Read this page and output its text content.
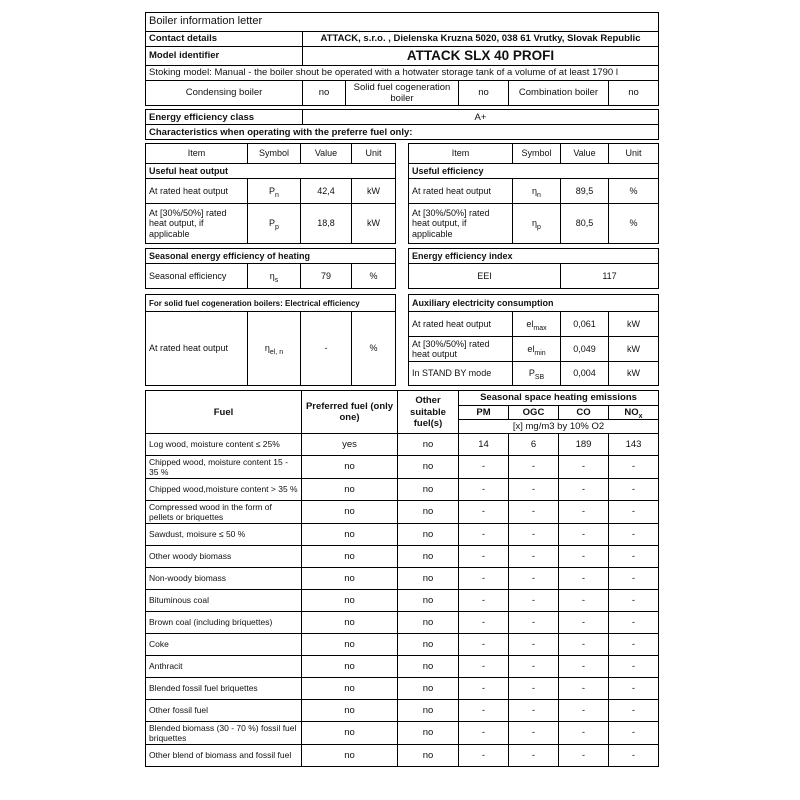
Boiler information letter					
Contact details	ATTACK, s.r.o. , Dielenska Kruzna 5020, 038 61 Vrutky, Slovak Republic				
Model identifier	ATTACK SLX 40 PROFI				
Stoking model: Manual - the boiler shout be operated with a hotwater storage tank of a volume of at least 1790 l					
Condensing boiler	no	Solid fuel cogeneration boiler	no	Combination boiler	no
Energy efficiency class	A+
Characteristics when operating with the preferre fuel only:
Item	Symbol	Value	Unit
Useful heat output			
At rated heat output	$P_n$	42,4	kW
At [30%/50%] rated heat output, if applicable	$P_p$	18,8	kW
Seasonal energy efficiency of heating
Seasonal efficiency	$\eta_s$	79	%
For solid fuel cogeneration boilers: Electrical efficiency
At rated heat output	$\eta_{el, n}$	-	%
Item	Symbol	Value	Unit
Useful efficiency			
At rated heat output	$\eta_n$	89,5	%
At [30%/50%] rated heat output, if applicable	$\eta_p$	80,5	%
Energy efficiency index
EEI	117
Auxiliary electricity consumption			
At rated heat output	$el_{max}$	0,061	kW
At [30%/50%] rated heat output	$el_{min}$	0,049	kW
In STAND BY mode	$P_{SB}$	0,004	kW
Fuel	Preferred fuel (only one)	Other suitable fuel(s)	Seasonal space heating emissions			
			PM	OGC	CO	$NO_x$
			[x] mg/m3 by 10% O2			
Log wood, moisture content ≤ 25%	yes	no	14	6	189	143
Chipped wood, moisture content 15 - 35 %	no	no	-	-	-	-
Chipped wood,moisture content > 35 %	no	no	-	-	-	-
Compressed wood in the form of pellets or briquettes	no	no	-	-	-	-
Sawdust, moisure ≤ 50 %	no	no	-	-	-	-
Other woody biomass	no	no	-	-	-	-
Non-woody biomass	no	no	-	-	-	-
Bituminous coal	no	no	-	-	-	-
Brown coal (including briquettes)	no	no	-	-	-	-
Coke	no	no	-	-	-	-
Anthracit	no	no	-	-	-	-
Blended fossil fuel briquettes	no	no	-	-	-	-
Other fossil fuel	no	no	-	-	-	-
Blended biomass (30 - 70 %) fossil fuel briquettes	no	no	-	-	-	-
Other blend of biomass and fossil fuel	no	no	-	-	-	-
